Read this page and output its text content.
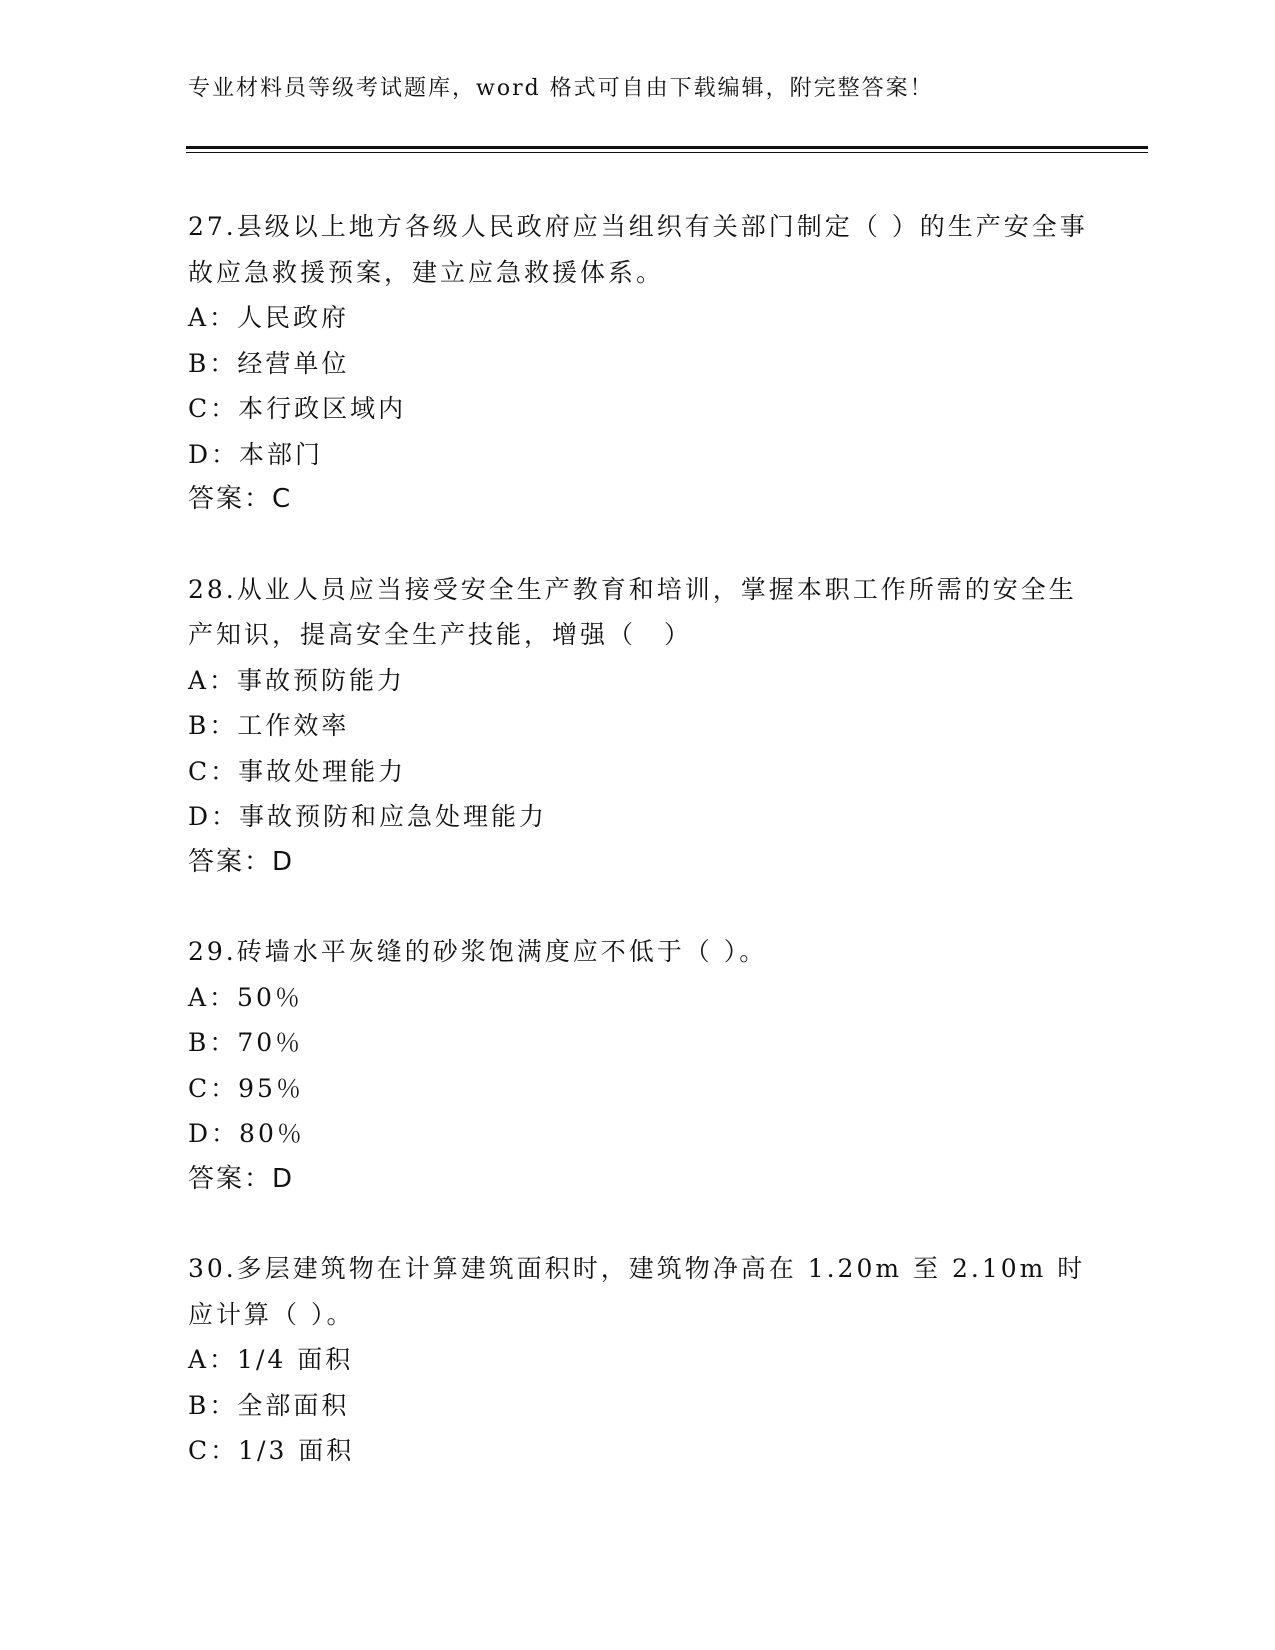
专业材料员等级考试题库，word 格式可自由下载编辑，附完整答案！

27.县级以上地方各级人民政府应当组织有关部门制定（ ）的生产安全事故应急救援预案，建立应急救援体系。

A：人民政府

B：经营单位

C：本行政区域内

D：本部门

答案：C

28.从业人员应当接受安全生产教育和培训，掌握本职工作所需的安全生产知识，提高安全生产技能，增强（　）

A：事故预防能力

B：工作效率

C：事故处理能力

D：事故预防和应急处理能力

答案：D

29.砖墙水平灰缝的砂浆饱满度应不低于（ ）。

A：50％

B：70％

C：95％

D：80％

答案：D

30.多层建筑物在计算建筑面积时，建筑物净高在 1.20m 至 2.10m 时应计算（ ）。

A：1/4 面积

B：全部面积

C：1/3 面积
